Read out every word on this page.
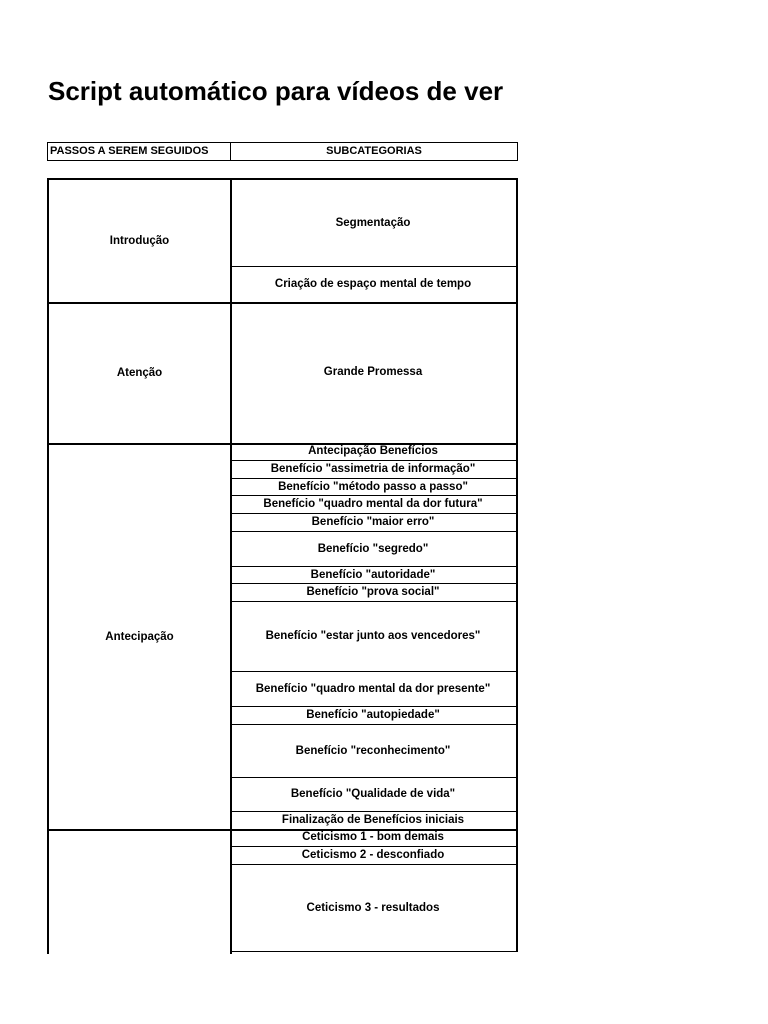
Script automático para vídeos de ver
PASSOS A SEREM SEGUIDOS	SUBCATEGORIAS
Introdução
Segmentação
Criação de espaço mental de tempo
Atenção	Grande Promessa
Antecipação
Antecipação Benefícios
Benefício "assimetria de informação"
Benefício "método passo a passo"
Benefício "quadro mental da dor futura"
Benefício "maior erro"
Benefício "segredo"
Benefício "autoridade"
Benefício "prova social"
Benefício "estar junto aos vencedores"
Benefício "quadro mental da dor presente"
Benefício "autopiedade"
Benefício "reconhecimento"
Benefício "Qualidade de vida"
Finalização de Benefícios iniciais
Ceticismo 1 - bom demais
Ceticismo 2 - desconfiado
Ceticismo 3 - resultados
